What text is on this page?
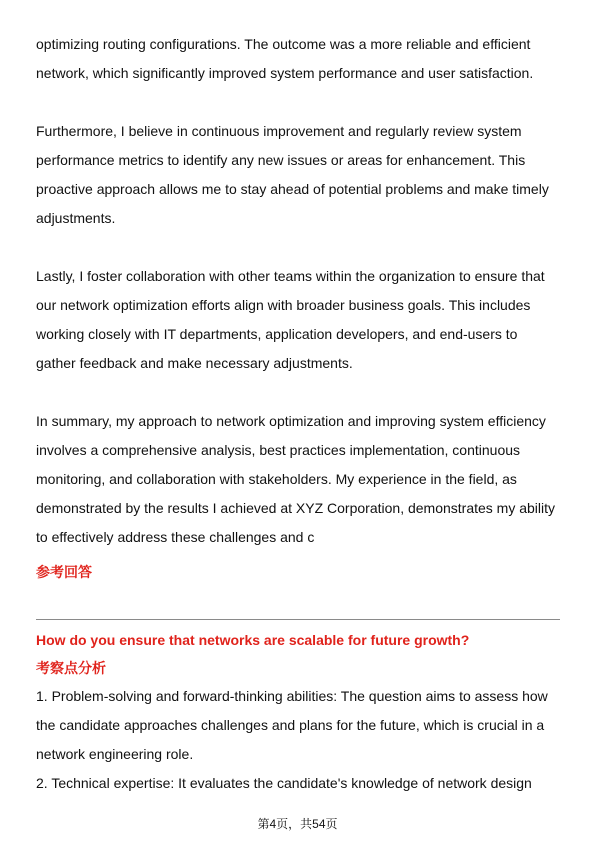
optimizing routing configurations. The outcome was a more reliable and efficient network, which significantly improved system performance and user satisfaction.

Furthermore, I believe in continuous improvement and regularly review system performance metrics to identify any new issues or areas for enhancement. This proactive approach allows me to stay ahead of potential problems and make timely adjustments.

Lastly, I foster collaboration with other teams within the organization to ensure that our network optimization efforts align with broader business goals. This includes working closely with IT departments, application developers, and end-users to gather feedback and make necessary adjustments.

In summary, my approach to network optimization and improving system efficiency involves a comprehensive analysis, best practices implementation, continuous monitoring, and collaboration with stakeholders. My experience in the field, as demonstrated by the results I achieved at XYZ Corporation, demonstrates my ability to effectively address these challenges and c

参考回答

How do you ensure that networks are scalable for future growth?

考察点分析

1. Problem-solving and forward-thinking abilities: The question aims to assess how the candidate approaches challenges and plans for the future, which is crucial in a network engineering role.

2. Technical expertise: It evaluates the candidate's knowledge of network design

第4页，共54页
